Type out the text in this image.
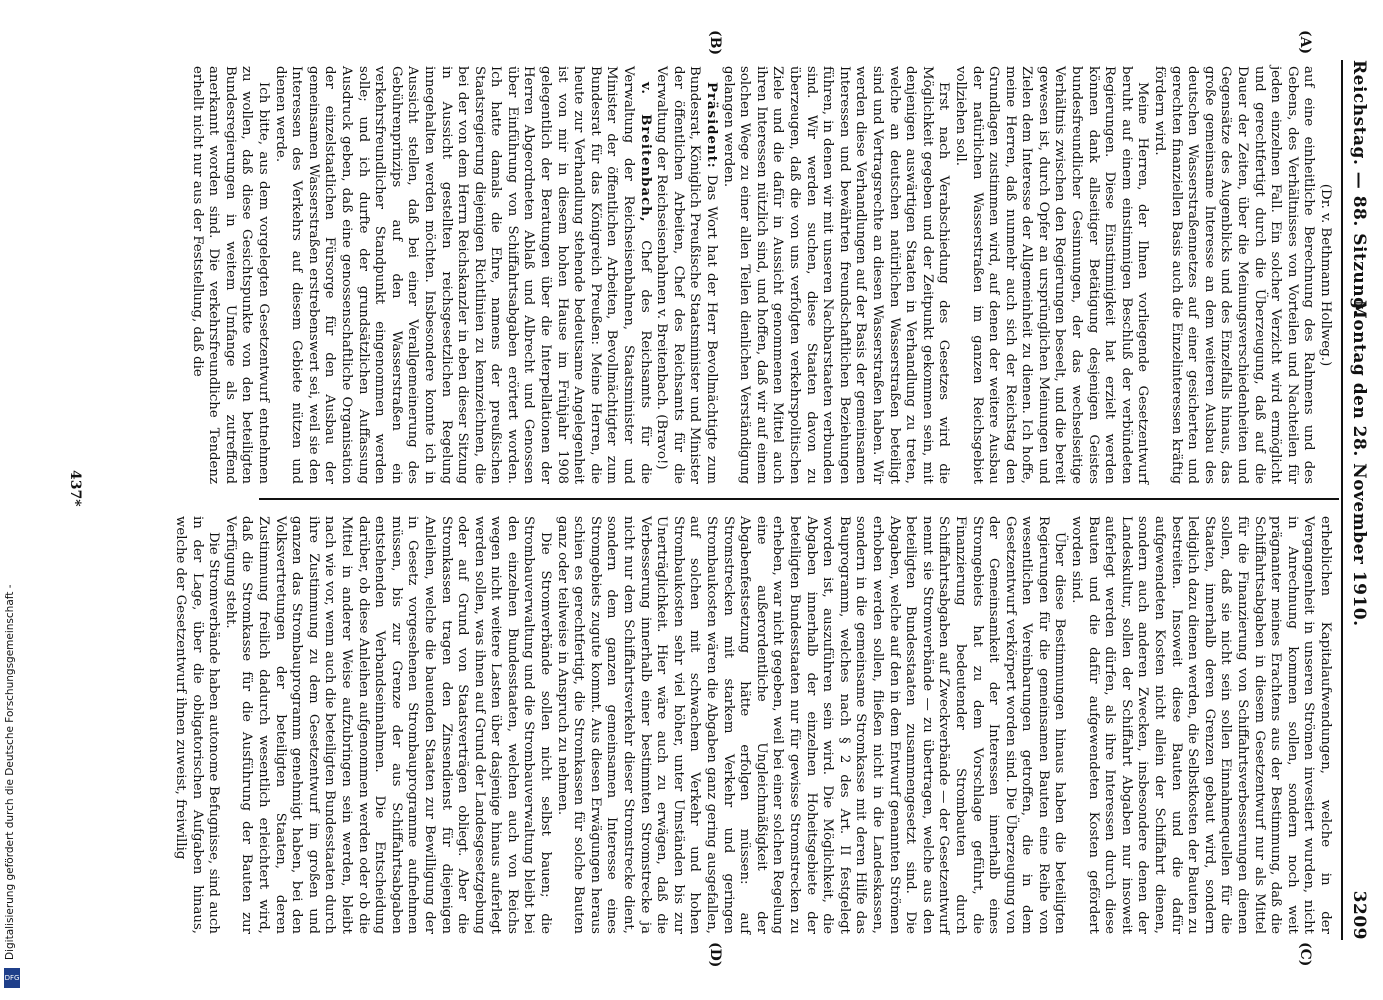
Reichstag. — 88. Sitzung.
Montag den 28. November 1910.
3209
(A)
(B)
(C)
(D)

(Dr. v. Bethmann Hollweg.)

auf eine einheitliche Berechnung des Rahmens und des Gebens, des Verhältnisses von Vorteilen und Nachteilen für jeden einzelnen Fall. Ein solcher Verzicht wird ermöglicht und gerechtfertigt durch die Überzeugung, daß auf die Dauer der Zeiten, über die Meinungsverschiedenheiten und Gegensätze des Augenblicks und des Einzelfalls hinaus, das große gemeinsame Interesse an dem weiteren Ausbau des deutschen Wasserstraßennetzes auf einer gesicherten und gerechten finanziellen Basis auch die Einzelinteressen kräftig fördern wird.

Meine Herren, der Ihnen vorliegende Gesetzentwurf beruht auf einem einstimmigen Beschluß der verbündeten Regierungen. Diese Einstimmigkeit hat erzielt werden können dank allseitiger Betätigung desjenigen Geistes bundesfreundlicher Gesinnungen, der das wechselseitige Verhältnis zwischen den Regierungen beseelt, und die bereit gewesen ist, durch Opfer an ursprünglichen Meinungen und Zielen dem Interesse der Allgemeinheit zu dienen. Ich hoffe, meine Herren, daß nunmehr auch sich der Reichstag den Grundlagen zustimmen wird, auf denen der weitere Ausbau der natürlichen Wasserstraßen im ganzen Reichsgebiet vollziehen soll.

Erst nach Verabschiedung des Gesetzes wird die Möglichkeit gegeben und der Zeitpunkt gekommen sein, mit denjenigen auswärtigen Staaten in Verhandlung zu treten, welche an deutschen natürlichen Wasserstraßen beteiligt sind und Vertragsrechte an diesen Wasserstraßen haben. Wir werden diese Verhandlungen auf der Basis der gemeinsamen Interessen und bewährten freundschaftlichen Beziehungen führen, in denen wir mit unseren Nachbarstaaten verbunden sind. Wir werden suchen, diese Staaten davon zu überzeugen, daß die von uns verfolgten verkehrspolitischen Ziele und die dafür in Aussicht genommenen Mittel auch ihren Interessen nützlich sind, und hoffen, daß wir auf einem solchen Wege zu einer allen Teilen dienlichen Verständigung gelangen werden.

Präsident: Das Wort hat der Herr Bevollmächtigte zum Bundesrat, Königlich Preußische Staatsminister und Minister der öffentlichen Arbeiten, Chef des Reichsamts für die Verwaltung der Reichseisenbahnen v. Breitenbach. (Bravo!)

v. Breitenbach, Chef des Reichsamts für die Verwaltung der Reichseisenbahnen, Staatsminister und Minister der öffentlichen Arbeiten, Bevollmächtigter zum Bundesrat für das Königreich Preußen: Meine Herren, die heute zur Verhandlung stehende bedeutsame Angelegenheit ist von mir in diesem hohen Hause im Frühjahr 1908 gelegentlich der Beratungen über die Interpellationen der Herren Abgeordneten Ablaß und Albrecht und Genossen über Einführung von Schiffahrtsabgaben erörtert worden. Ich hatte damals die Ehre, namens der preußischen Staatsregierung diejenigen Richtlinien zu kennzeichnen, die bei der von dem Herrn Reichskanzler in eben dieser Sitzung in Aussicht gestellten reichsgesetzlichen Regelung innegehalten werden möchten. Insbesondere konnte ich in Aussicht stellen, daß bei einer Verallgemeinerung des Gebührenprinzips auf den Wasserstraßen ein verkehrsfreundlicher Standpunkt eingenommen werden solle; und ich durfte der grundsätzlichen Auffassung Ausdruck geben, daß eine genossenschaftliche Organisation der einzelstaatlichen Fürsorge für den Ausbau der gemeinsamen Wasserstraßen erstrebenswert sei, weil sie den Interessen des Verkehrs auf diesem Gebiete nützen und dienen werde.

Ich bitte, aus dem vorgelegten Gesetzentwurf entnehmen zu wollen, daß diese Gesichtspunkte von den beteiligten Bundesregierungen in weitem Umfange als zutreffend anerkannt worden sind. Die verkehrsfreundliche Tendenz erhellt nicht nur aus der Feststellung, daß die

erheblichen Kapitalaufwendungen, welche in der Vergangenheit in unseren Strömen investiert wurden, nicht in Anrechnung kommen sollen, sondern noch weit prägnanter meines Erachtens aus der Bestimmung, daß die Schiffahrtsabgaben in diesem Gesetzentwurf nur als Mittel für die Finanzierung von Schiffahrtsverbesserungen dienen sollen, daß sie nicht sein sollen Einnahmequellen für die Staaten, innerhalb deren Grenzen gebaut wird, sondern lediglich dazu dienen werden, die Selbstkosten der Bauten zu bestreiten. Insoweit diese Bauten und die dafür aufgewendeten Kosten nicht allein der Schiffahrt dienen, sondern auch anderen Zwecken, insbesondere denen der Landeskultur, sollen der Schiffahrt Abgaben nur insoweit auferlegt werden dürfen, als ihre Interessen durch diese Bauten und die dafür aufgewendeten Kosten gefördert worden sind.

Über diese Bestimmungen hinaus haben die beteiligten Regierungen für die gemeinsamen Bauten eine Reihe von wesentlichen Vereinbarungen getroffen, die in dem Gesetzentwurf verkörpert worden sind. Die Überzeugung von der Gemeinsamkeit der Interessen innerhalb eines Stromgebiets hat zu dem Vorschlage geführt, die Finanzierung bedeutender Strombauten durch Schiffahrtsabgaben auf Zweckverbände — der Gesetzentwurf nennt sie Stromverbände — zu übertragen, welche aus den beteiligten Bundesstaaten zusammengesetzt sind. Die Abgaben, welche auf den in dem Entwurf genannten Strömen erhoben werden sollen, fließen nicht in die Landeskassen, sondern in die gemeinsame Stromkasse mit deren Hilfe das Bauprogramm, welches nach § 2 des Art. II festgelegt worden ist, auszuführen sein wird. Die Möglichkeit, die Abgaben innerhalb der einzelnen Hoheitsgebiete der beteiligten Bundesstaaten nur für gewisse Stromstrecken zu erheben, war nicht gegeben, weil bei einer solchen Regelung eine außerordentliche Ungleichmäßigkeit der Abgabenfestsetzung hätte erfolgen müssen: auf Stromstrecken mit starkem Verkehr und geringen Strombaukosten wären die Abgaben ganz gering ausgefallen, auf solchen mit schwachem Verkehr und hohen Strombaukosten sehr viel höher, unter Umständen bis zur Unerträglichkeit. Hier wäre auch zu erwägen, daß die Verbesserung innerhalb einer bestimmten Stromstrecke ja nicht nur dem Schiffahrtsverkehr dieser Stromstrecke dient, sondern dem ganzen gemeinsamen Interesse eines Stromgebiets zugute kommt. Aus diesen Erwägungen heraus schien es gerechtfertigt, die Stromkassen für solche Bauten ganz oder teilweise in Anspruch zu nehmen.

Die Stromverbände sollen nicht selbst bauen; die Strombauverwaltung und die Strombauverwaltung bleibt bei den einzelnen Bundesstaaten, welchen auch von Reichs wegen nicht weitere Lasten über dasjenige hinaus auferlegt werden sollen, was ihnen auf Grund der Landesgesetzgebung oder auf Grund von Staatsverträgen obliegt. Aber die Stromkassen tragen den Zinsendienst für diejenigen Anleihen, welche die bauenden Staaten zur Bewilligung der in Gesetz vorgesehenen Strombauprogramme aufnehmen müssen, bis zur Grenze der aus Schiffahrtsabgaben entstehenden Verbandseinnahmen. Die Entscheidung darüber, ob diese Anleihen aufgenommen werden oder ob die Mittel in anderer Weise aufzubringen sein werden, bleibt nach wie vor, wenn auch die beteiligten Bundesstaaten durch ihre Zustimmung zu dem Gesetzentwurf im großen und ganzen das Strombauprogramm genehmigt haben, bei den Volksvertretungen der beteiligten Staaten, deren Zustimmung freilich dadurch wesentlich erleichtert wird, daß die Stromkasse für die Ausführung der Bauten zur Verfügung steht.

Die Stromverbände haben autonome Befugnisse, sind auch in der Lage, über die obligatorischen Aufgaben hinaus, welche der Gesetzentwurf ihnen zuweist, freiwillig

437*
DFG
Digitalisierung gefördert durch die Deutsche Forschungsgemeinschaft -
